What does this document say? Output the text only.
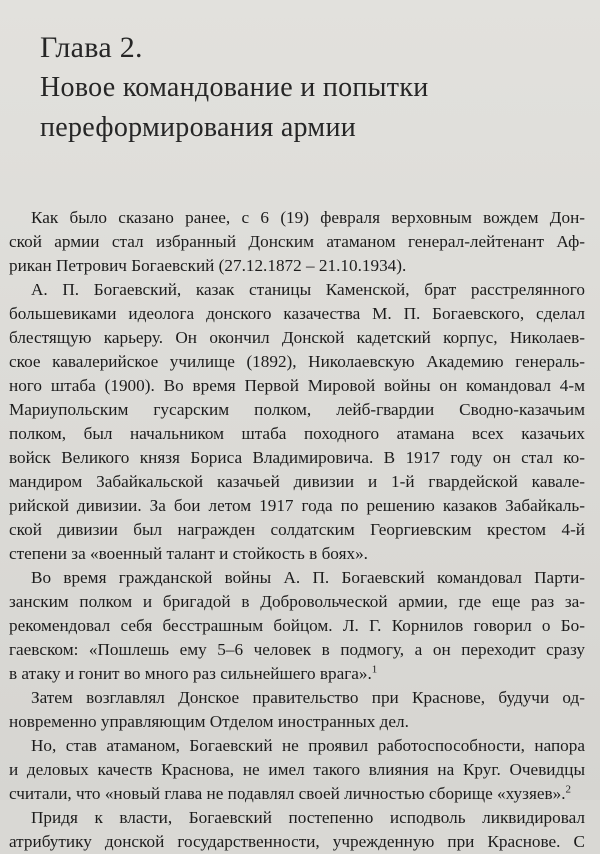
Глава 2.
Новое командование и попытки
переформирования армии
Как было сказано ранее, с 6 (19) февраля верховным вождем Дон-
ской армии стал избранный Донским атаманом генерал-лейтенант Аф-
рикан Петрович Богаевский (27.12.1872 – 21.10.1934).
А. П. Богаевский, казак станицы Каменской, брат расстрелянного
большевиками идеолога донского казачества М. П. Богаевского, сделал
блестящую карьеру. Он окончил Донской кадетский корпус, Николаев-
ское кавалерийское училище (1892), Николаевскую Академию генераль-
ного штаба (1900). Во время Первой Мировой войны он командовал 4-м
Мариупольским гусарским полком, лейб-гвардии Сводно-казачьим
полком, был начальником штаба походного атамана всех казачьих
войск Великого князя Бориса Владимировича. В 1917 году он стал ко-
мандиром Забайкальской казачьей дивизии и 1-й гвардейской кавале-
рийской дивизии. За бои летом 1917 года по решению казаков Забайкаль-
ской дивизии был награжден солдатским Георгиевским крестом 4-й
степени за «военный талант и стойкость в боях».
Во время гражданской войны А. П. Богаевский командовал Парти-
занским полком и бригадой в Добровольческой армии, где еще раз за-
рекомендовал себя бесстрашным бойцом. Л. Г. Корнилов говорил о Бо-
гаевском: «Пошлешь ему 5–6 человек в подмогу, а он переходит сразу
в атаку и гонит во много раз сильнейшего врага».$^1$
Затем возглавлял Донское правительство при Краснове, будучи од-
новременно управляющим Отделом иностранных дел.
Но, став атаманом, Богаевский не проявил работоспособности, напора
и деловых качеств Краснова, не имел такого влияния на Круг. Очевидцы
считали, что «новый глава не подавлял своей личностью сборище «хузяев».$^2$
Придя к власти, Богаевский постепенно исподволь ликвидировал
атрибутику донской государственности, учрежденную при Краснове. С
